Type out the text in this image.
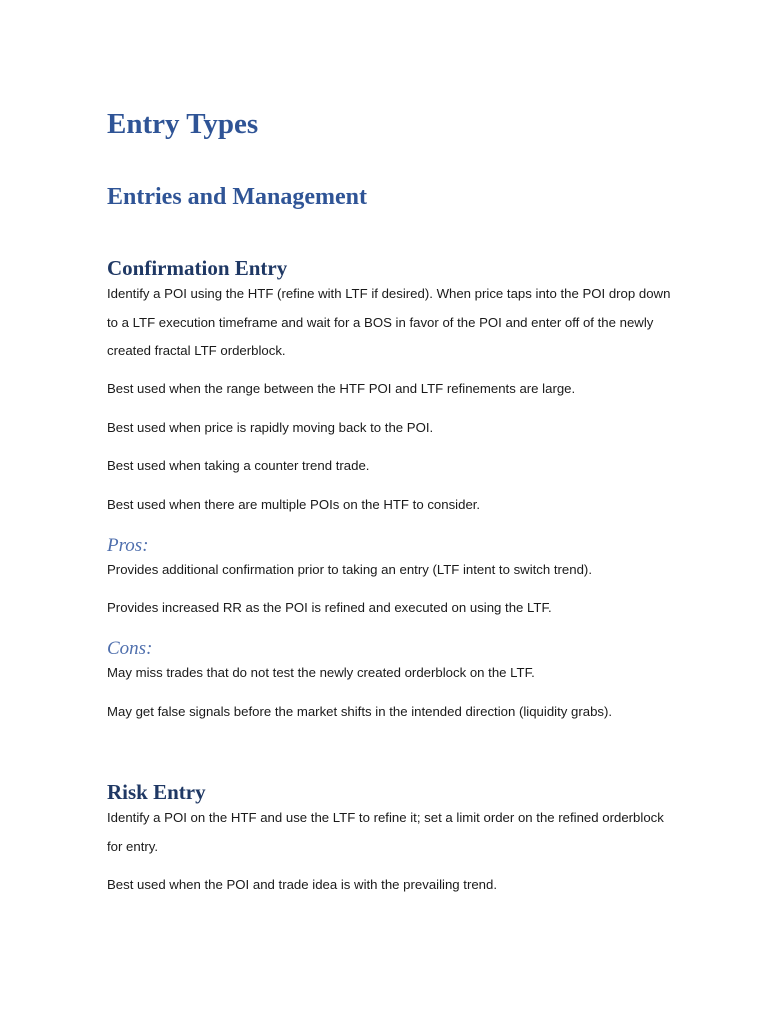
Entry Types
Entries and Management
Confirmation Entry
Identify a POI using the HTF (refine with LTF if desired). When price taps into the POI drop down to a LTF execution timeframe and wait for a BOS in favor of the POI and enter off of the newly created fractal LTF orderblock.
Best used when the range between the HTF POI and LTF refinements are large.
Best used when price is rapidly moving back to the POI.
Best used when taking a counter trend trade.
Best used when there are multiple POIs on the HTF to consider.
Pros:
Provides additional confirmation prior to taking an entry (LTF intent to switch trend).
Provides increased RR as the POI is refined and executed on using the LTF.
Cons:
May miss trades that do not test the newly created orderblock on the LTF.
May get false signals before the market shifts in the intended direction (liquidity grabs).
Risk Entry
Identify a POI on the HTF and use the LTF to refine it; set a limit order on the refined orderblock for entry.
Best used when the POI and trade idea is with the prevailing trend.
